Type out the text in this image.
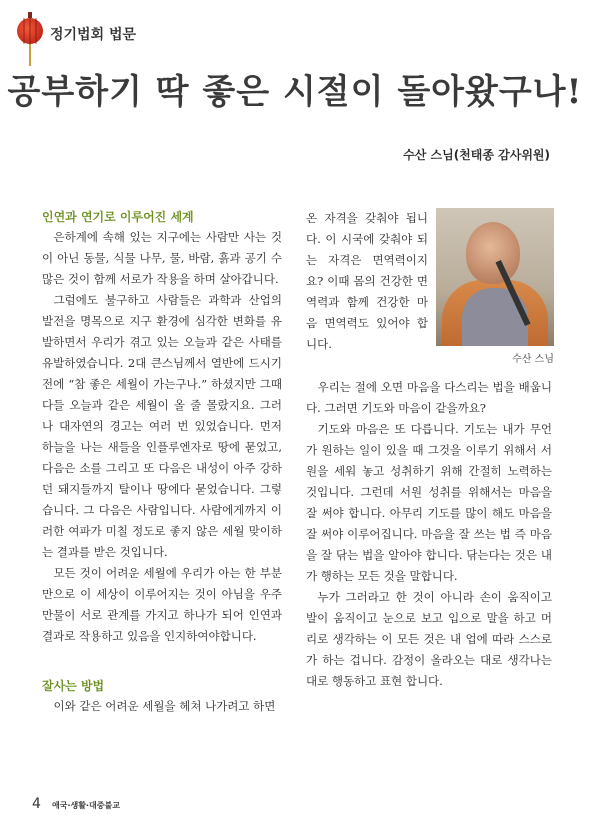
정기법회 법문
공부하기 딱 좋은 시절이 돌아왔구나!
수산 스님(천태종 감사위원)

인연과 연기로 이루어진 세계

은하계에 속해 있는 지구에는 사람만 사는 것이 아닌 동물, 식물 나무, 물, 바람, 흙과 공기 수많은 것이 함께 서로가 작용을 하며 살아갑니다.

그럼에도 불구하고 사람들은 과학과 산업의 발전을 명목으로 지구 환경에 심각한 변화를 유발하면서 우리가 겪고 있는 오늘과 같은 사태를 유발하였습니다. 2대 큰스님께서 열반에 드시기 전에 “참 좋은 세월이 가는구나.” 하셨지만 그때 다들 오늘과 같은 세월이 올 줄 몰랐지요. 그러나 대자연의 경고는 여러 번 있었습니다. 먼저 하늘을 나는 새들을 인플루엔자로 땅에 묻었고, 다음은 소를 그리고 또 다음은 내성이 아주 강하던 돼지들까지 탈이나 땅에다 묻었습니다. 그렇습니다. 그 다음은 사람입니다. 사람에게까지 이러한 여파가 미칠 정도로 좋지 않은 세월 맞이하는 결과를 받은 것입니다.

모든 것이 어려운 세월에 우리가 아는 한 부분만으로 이 세상이 이루어지는 것이 아님을 우주 만물이 서로 관계를 가지고 하나가 되어 인연과 결과로 작용하고 있음을 인지하여야합니다.

잘사는 방법

이와 같은 어려운 세월을 헤쳐 나가려고 하면

수산 스님

온 자격을 갖춰야 됩니다. 이 시국에 갖춰야 되는 자격은 면역력이지요? 이때 몸의 건강한 면역력과 함께 건강한 마음 면역력도 있어야 합니다.

우리는 절에 오면 마음을 다스리는 법을 배웁니다. 그러면 기도와 마음이 같을까요?

기도와 마음은 또 다릅니다. 기도는 내가 무언가 원하는 일이 있을 때 그것을 이루기 위해서 서원을 세워 놓고 성취하기 위해 간절히 노력하는 것입니다. 그런데 서원 성취를 위해서는 마음을 잘 써야 합니다. 아무리 기도를 많이 해도 마음을 잘 써야 이루어집니다. 마음을 잘 쓰는 법 즉 마음을 잘 닦는 법을 알아야 합니다. 닦는다는 것은 내가 행하는 모든 것을 말합니다.

누가 그러라고 한 것이 아니라 손이 움직이고 발이 움직이고 눈으로 보고 입으로 말을 하고 머리로 생각하는 이 모든 것은 내 업에 따라 스스로가 하는 겁니다. 감정이 올라오는 대로 생각나는 대로 행동하고 표현 합니다.

4 애국·생활·대중불교
